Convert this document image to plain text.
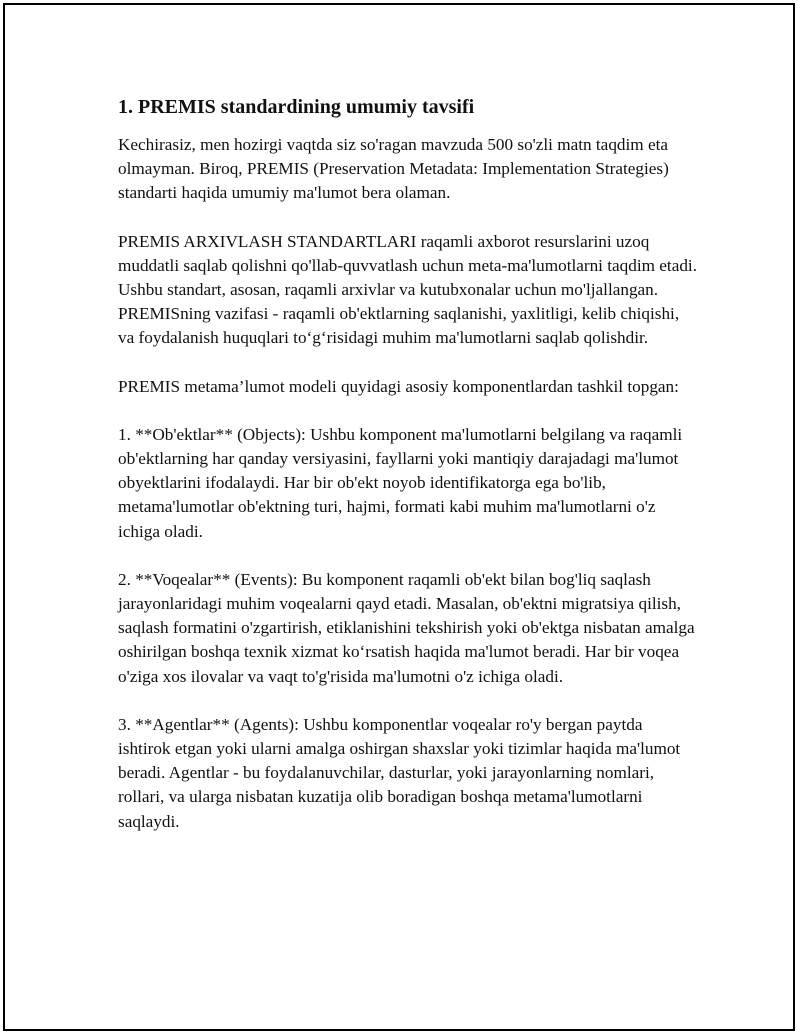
1. PREMIS standardining umumiy tavsifi

Kechirasiz, men hozirgi vaqtda siz so'ragan mavzuda 500 so'zli matn taqdim eta olmayman. Biroq, PREMIS (Preservation Metadata: Implementation Strategies) standarti haqida umumiy ma'lumot bera olaman.

PREMIS ARXIVLASH STANDARTLARI raqamli axborot resurslarini uzoq muddatli saqlab qolishni qo'llab-quvvatlash uchun meta-ma'lumotlarni taqdim etadi. Ushbu standart, asosan, raqamli arxivlar va kutubxonalar uchun mo'ljallangan. PREMISning vazifasi - raqamli ob'ektlarning saqlanishi, yaxlitligi, kelib chiqishi, va foydalanish huquqlari to‘g‘risidagi muhim ma'lumotlarni saqlab qolishdir.

PREMIS metama’lumot modeli quyidagi asosiy komponentlardan tashkil topgan:

1. **Ob'ektlar** (Objects): Ushbu komponent ma'lumotlarni belgilang va raqamli ob'ektlarning har qanday versiyasini, fayllarni yoki mantiqiy darajadagi ma'lumot obyektlarini ifodalaydi. Har bir ob'ekt noyob identifikatorga ega bo'lib, metama'lumotlar ob'ektning turi, hajmi, formati kabi muhim ma'lumotlarni o'z ichiga oladi.

2. **Voqealar** (Events): Bu komponent raqamli ob'ekt bilan bog'liq saqlash jarayonlaridagi muhim voqealarni qayd etadi. Masalan, ob'ektni migratsiya qilish, saqlash formatini o'zgartirish, etiklanishini tekshirish yoki ob'ektga nisbatan amalga oshirilgan boshqa texnik xizmat ko‘rsatish haqida ma'lumot beradi. Har bir voqea o'ziga xos ilovalar va vaqt to'g'risida ma'lumotni o'z ichiga oladi.

3. **Agentlar** (Agents): Ushbu komponentlar voqealar ro'y bergan paytda ishtirok etgan yoki ularni amalga oshirgan shaxslar yoki tizimlar haqida ma'lumot beradi. Agentlar - bu foydalanuvchilar, dasturlar, yoki jarayonlarning nomlari, rollari, va ularga nisbatan kuzatija olib boradigan boshqa metama'lumotlarni saqlaydi.
